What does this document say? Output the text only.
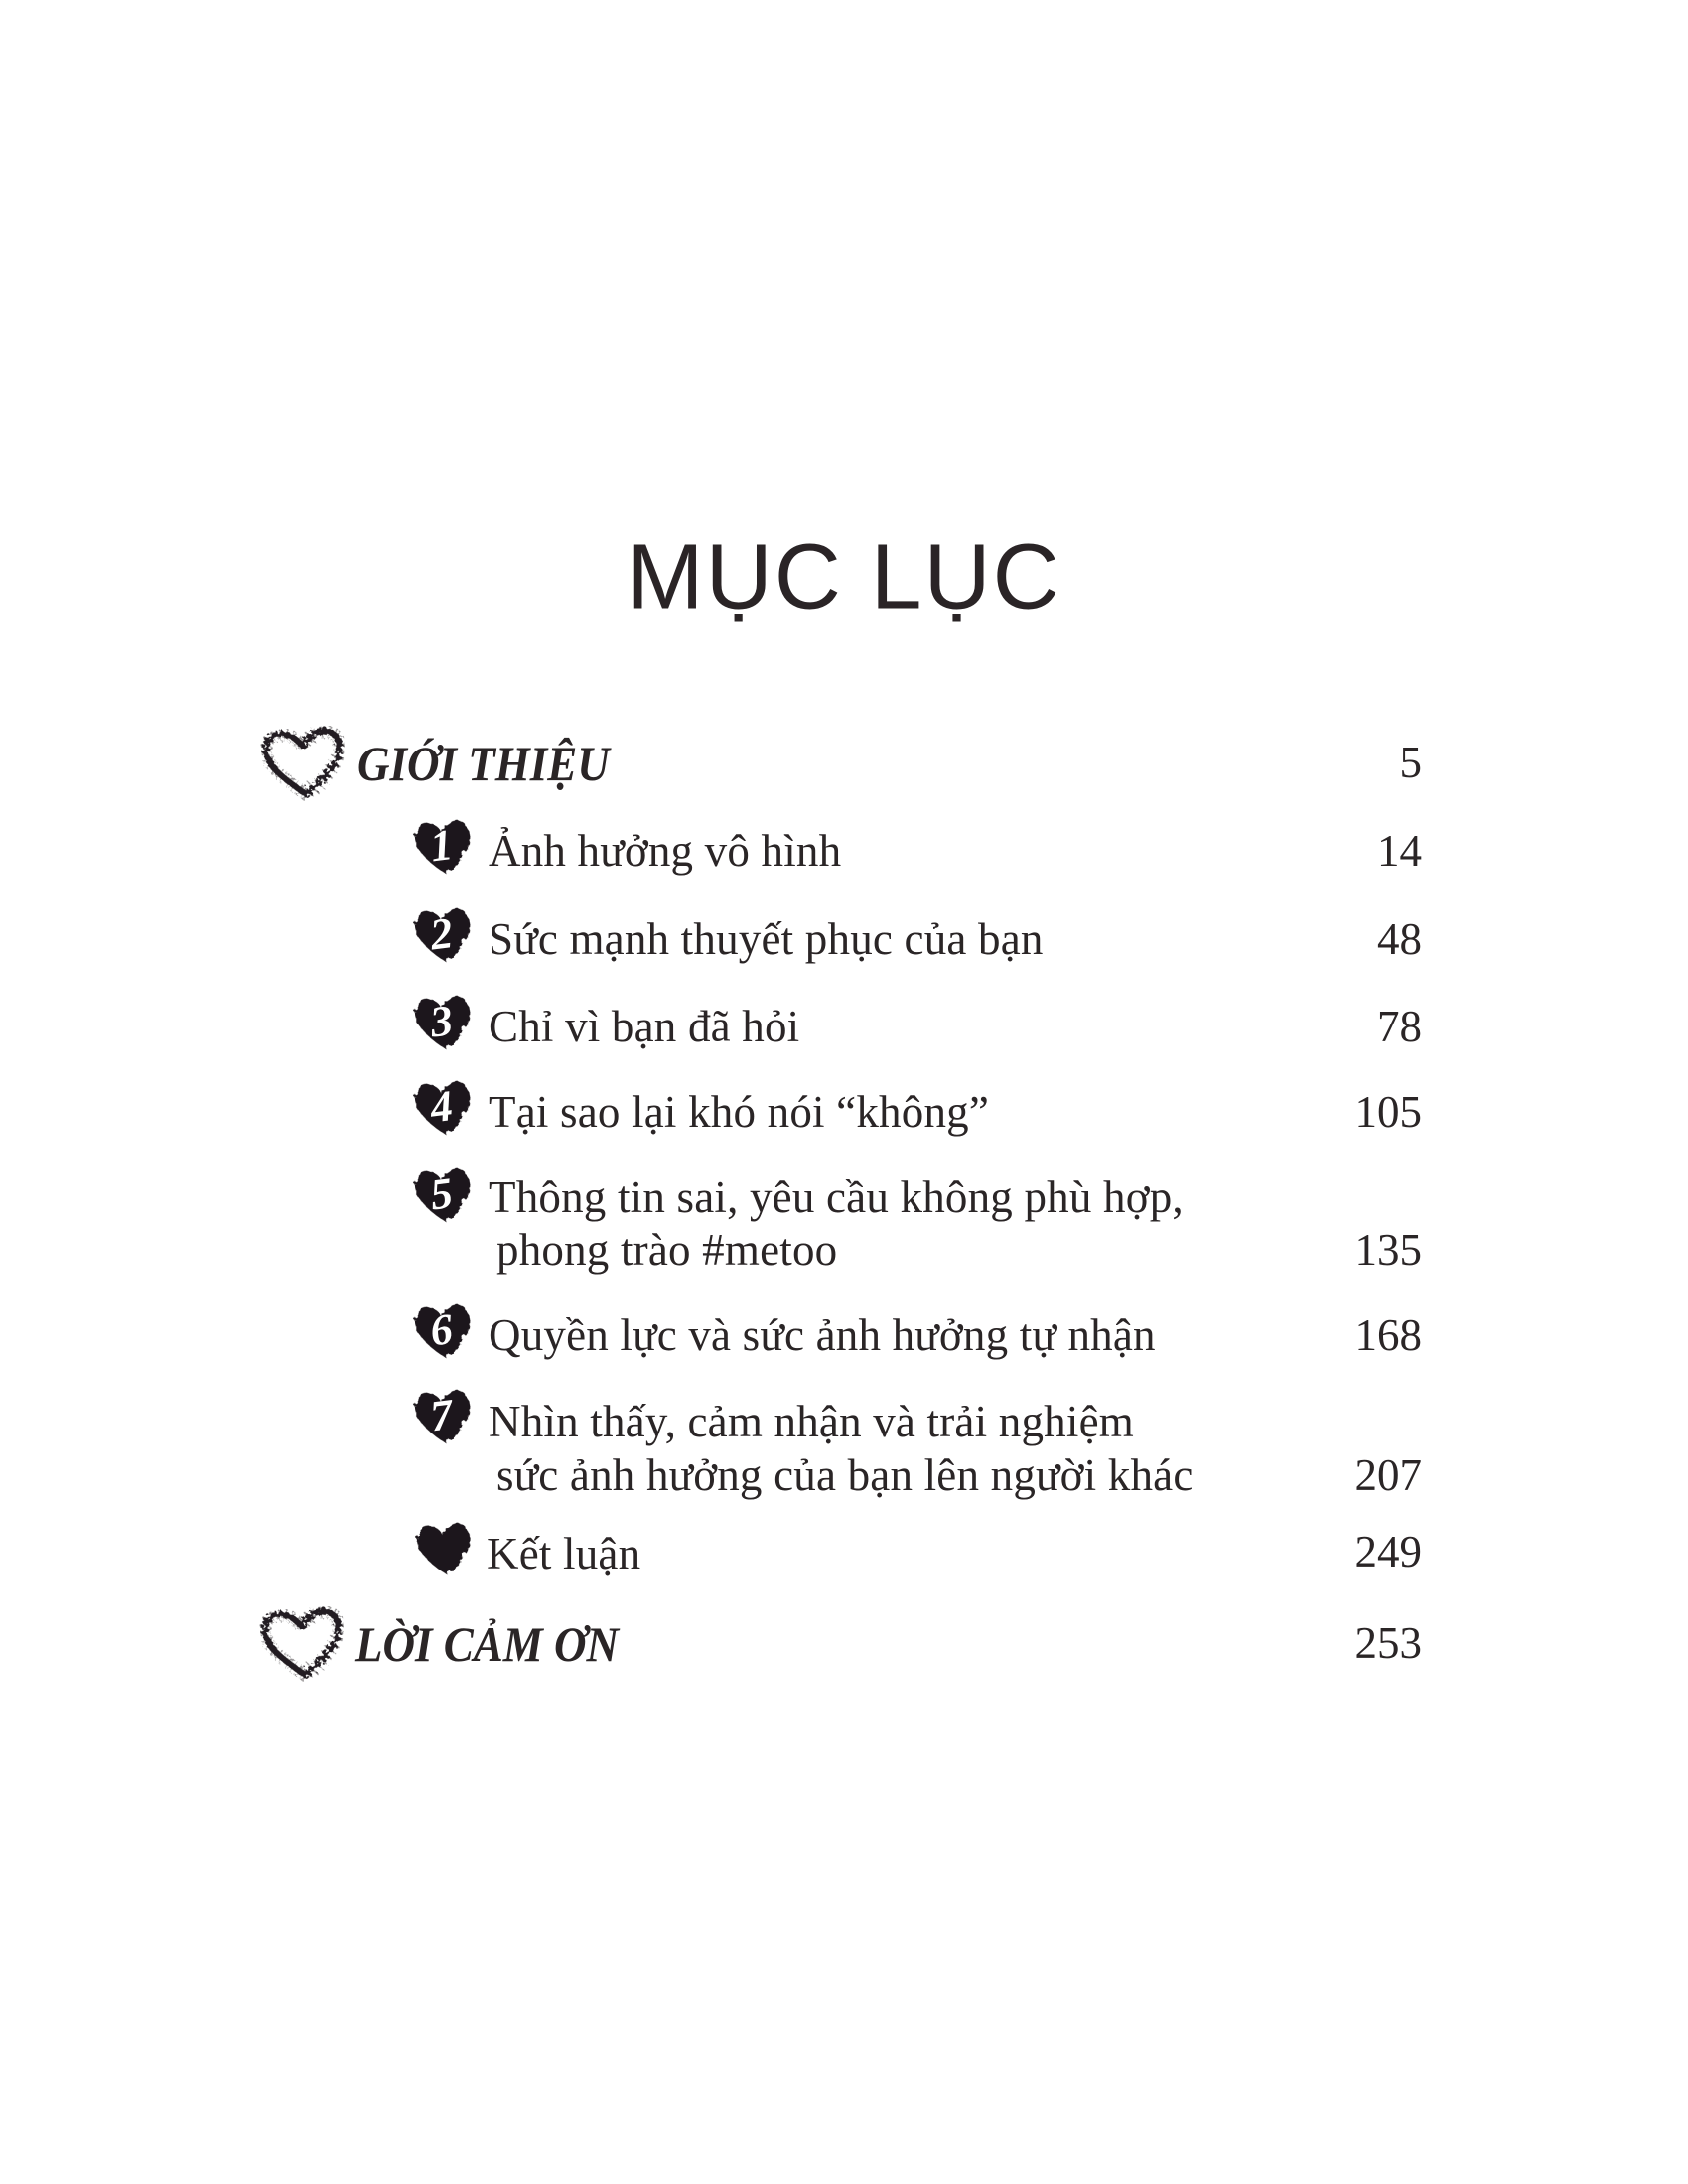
MỤC LỤC
GIỚI THIỆU	5
1 Ảnh hưởng vô hình	14
2 Sức mạnh thuyết phục của bạn	48
3 Chỉ vì bạn đã hỏi	78
4 Tại sao lại khó nói “không”	105
5 Thông tin sai, yêu cầu không phù hợp,
phong trào #metoo	135
6 Quyền lực và sức ảnh hưởng tự nhận	168
7 Nhìn thấy, cảm nhận và trải nghiệm
sức ảnh hưởng của bạn lên người khác	207
Kết luận	249
LỜI CẢM ƠN	253
